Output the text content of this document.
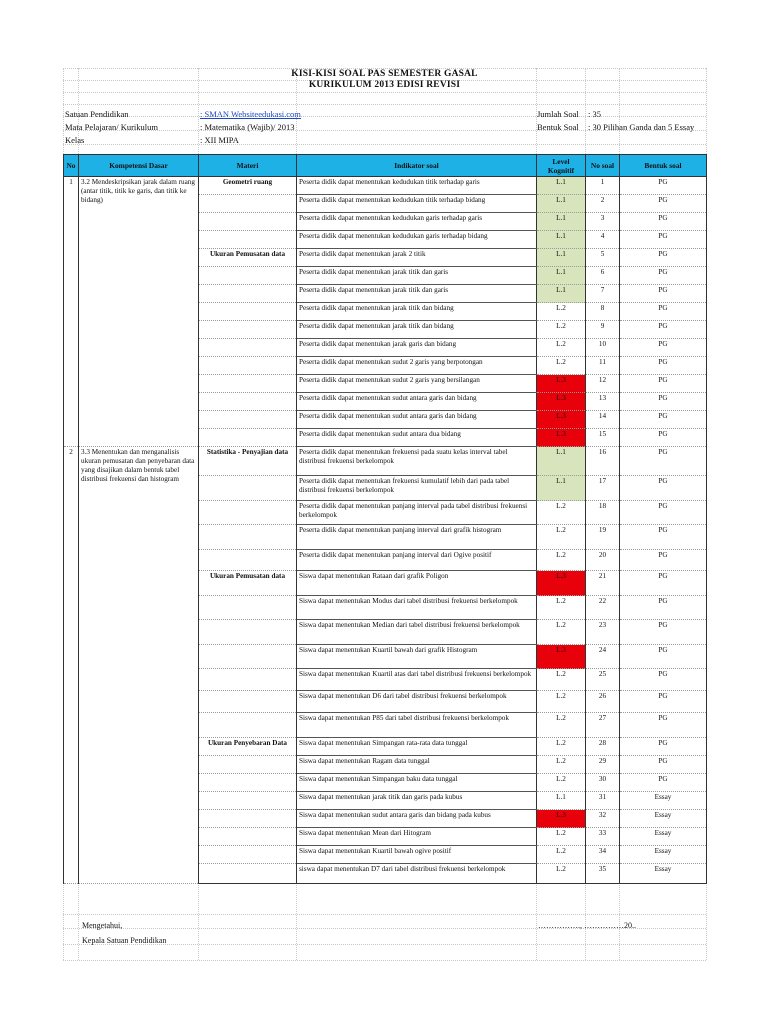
KISI-KISI SOAL PAS SEMESTER GASAL
KURIKULUM 2013 EDISI REVISI
Satuan Pendidikan	: SMAN Websiteedukasi.com
Mata Pelajaran/ Kurikulum	: Matematika (Wajib)/ 2013
Kelas	: XII MIPA
Jumlah Soal : 35
Bentuk Soal : 30 Pilihan Ganda dan 5 Essay
No	Kompetensi Dasar	Materi	Indikator soal	Level Kognitif	No soal	Bentuk soal
1	3.2 Mendeskripsikan jarak dalam ruang (antar titik, titik ke garis, dan titik ke bidang)	Geometri ruang	Peserta didik dapat menentukan kedudukan titik terhadap garis	L.1	1	PG
			Peserta didik dapat menentukan kedudukan titik terhadap bidang	L.1	2	PG
			Peserta didik dapat menentukan kedudukan garis terhadap garis	L.1	3	PG
			Peserta didik dapat menentukan kedudukan garis terhadap bidang	L.1	4	PG
		Ukuran Pemusatan data	Peserta didik dapat menentukan jarak 2 titik	L.1	5	PG
			Peserta didik dapat menentukan jarak titik dan garis	L.1	6	PG
			Peserta didik dapat menentukan jarak titik dan garis	L.1	7	PG
			Peserta didik dapat menentukan jarak titik dan bidang	L.2	8	PG
			Peserta didik dapat menentukan jarak titik dan bidang	L.2	9	PG
			Peserta didik dapat menentukan jarak garis dan bidang	L.2	10	PG
			Peserta didik dapat menentukan sudut 2 garis yang berpotongan	L.2	11	PG
			Peserta didik dapat menentukan sudut 2 garis yang bersilangan	L.3	12	PG
			Peserta didik dapat menentukan sudut antara garis dan bidang	L.3	13	PG
			Peserta didik dapat menentukan sudut antara garis dan bidang	L.3	14	PG
			Peserta didik dapat menentukan sudut antara dua bidang	L.3	15	PG
2	3.3 Menentukan dan menganalisis ukuran pemusatan dan penyebaran data yang disajikan dalam bentuk tabel distribusi frekuensi dan histogram	Statistika - Penyajian data	Peserta didik dapat menentukan frekuensi pada suatu kelas interval tabel distribusi frekuensi berkelompok	L.1	16	PG
			Peserta didik dapat menentukan frekuensi kumulatif lebih dari pada tabel distribusi frekuensi berkelompok	L.1	17	PG
			Peserta didik dapat menentukan panjang interval pada tabel distribusi frekuensi berkelompok	L.2	18	PG
			Peserta didik dapat menentukan panjang interval dari grafik histogram	L.2	19	PG
			Peserta didik dapat menentukan panjang interval dari Ogive positif	L.2	20	PG
		Ukuran Pemusatan data	Siswa dapat menentukan Rataan dari grafik Poligon	L.3	21	PG
			Siswa dapat menentukan Modus dari tabel distribusi frekuensi berkelompok	L.2	22	PG
			Siswa dapat menentukan Median dari tabel distribusi frekuensi berkelompok	L.2	23	PG
			Siswa dapat menentukan Kuartil bawah dari grafik Histogram	L.3	24	PG
			Siswa dapat menentukan Kuartil atas dari tabel distribusi frekuensi berkelompok	L.2	25	PG
			Siswa dapat menentukan D6 dari tabel distribusi frekuensi berkelompok	L.2	26	PG
			Siswa dapat menentukan P85 dari tabel distribusi frekuensi berkelompok	L.2	27	PG
		Ukuran Penyebaran Data	Siswa dapat menentukan Simpangan rata-rata data tunggal	L.2	28	PG
			Siswa dapat menentukan Ragam data tunggal	L.2	29	PG
			Siswa dapat menentukan Simpangan baku data tunggal	L.2	30	PG
			Siswa dapat menentukan jarak titik dan garis pada kubus	L.1	31	Essay
			Siswa dapat menentukan sudut antara garis dan bidang pada kubus	L.3	32	Essay
			Siswa dapat menentukan Mean dari Hitogram	L.2	33	Essay
			Siswa dapat menentukan Kuartil bawah ogive positif	L.2	34	Essay
			siswa dapat menentukan D7 dari tabel distribusi frekuensi berkelompok	L.2	35	Essay
Mengetahui,
Kepala Satuan Pendidikan
……………., ……………20..
